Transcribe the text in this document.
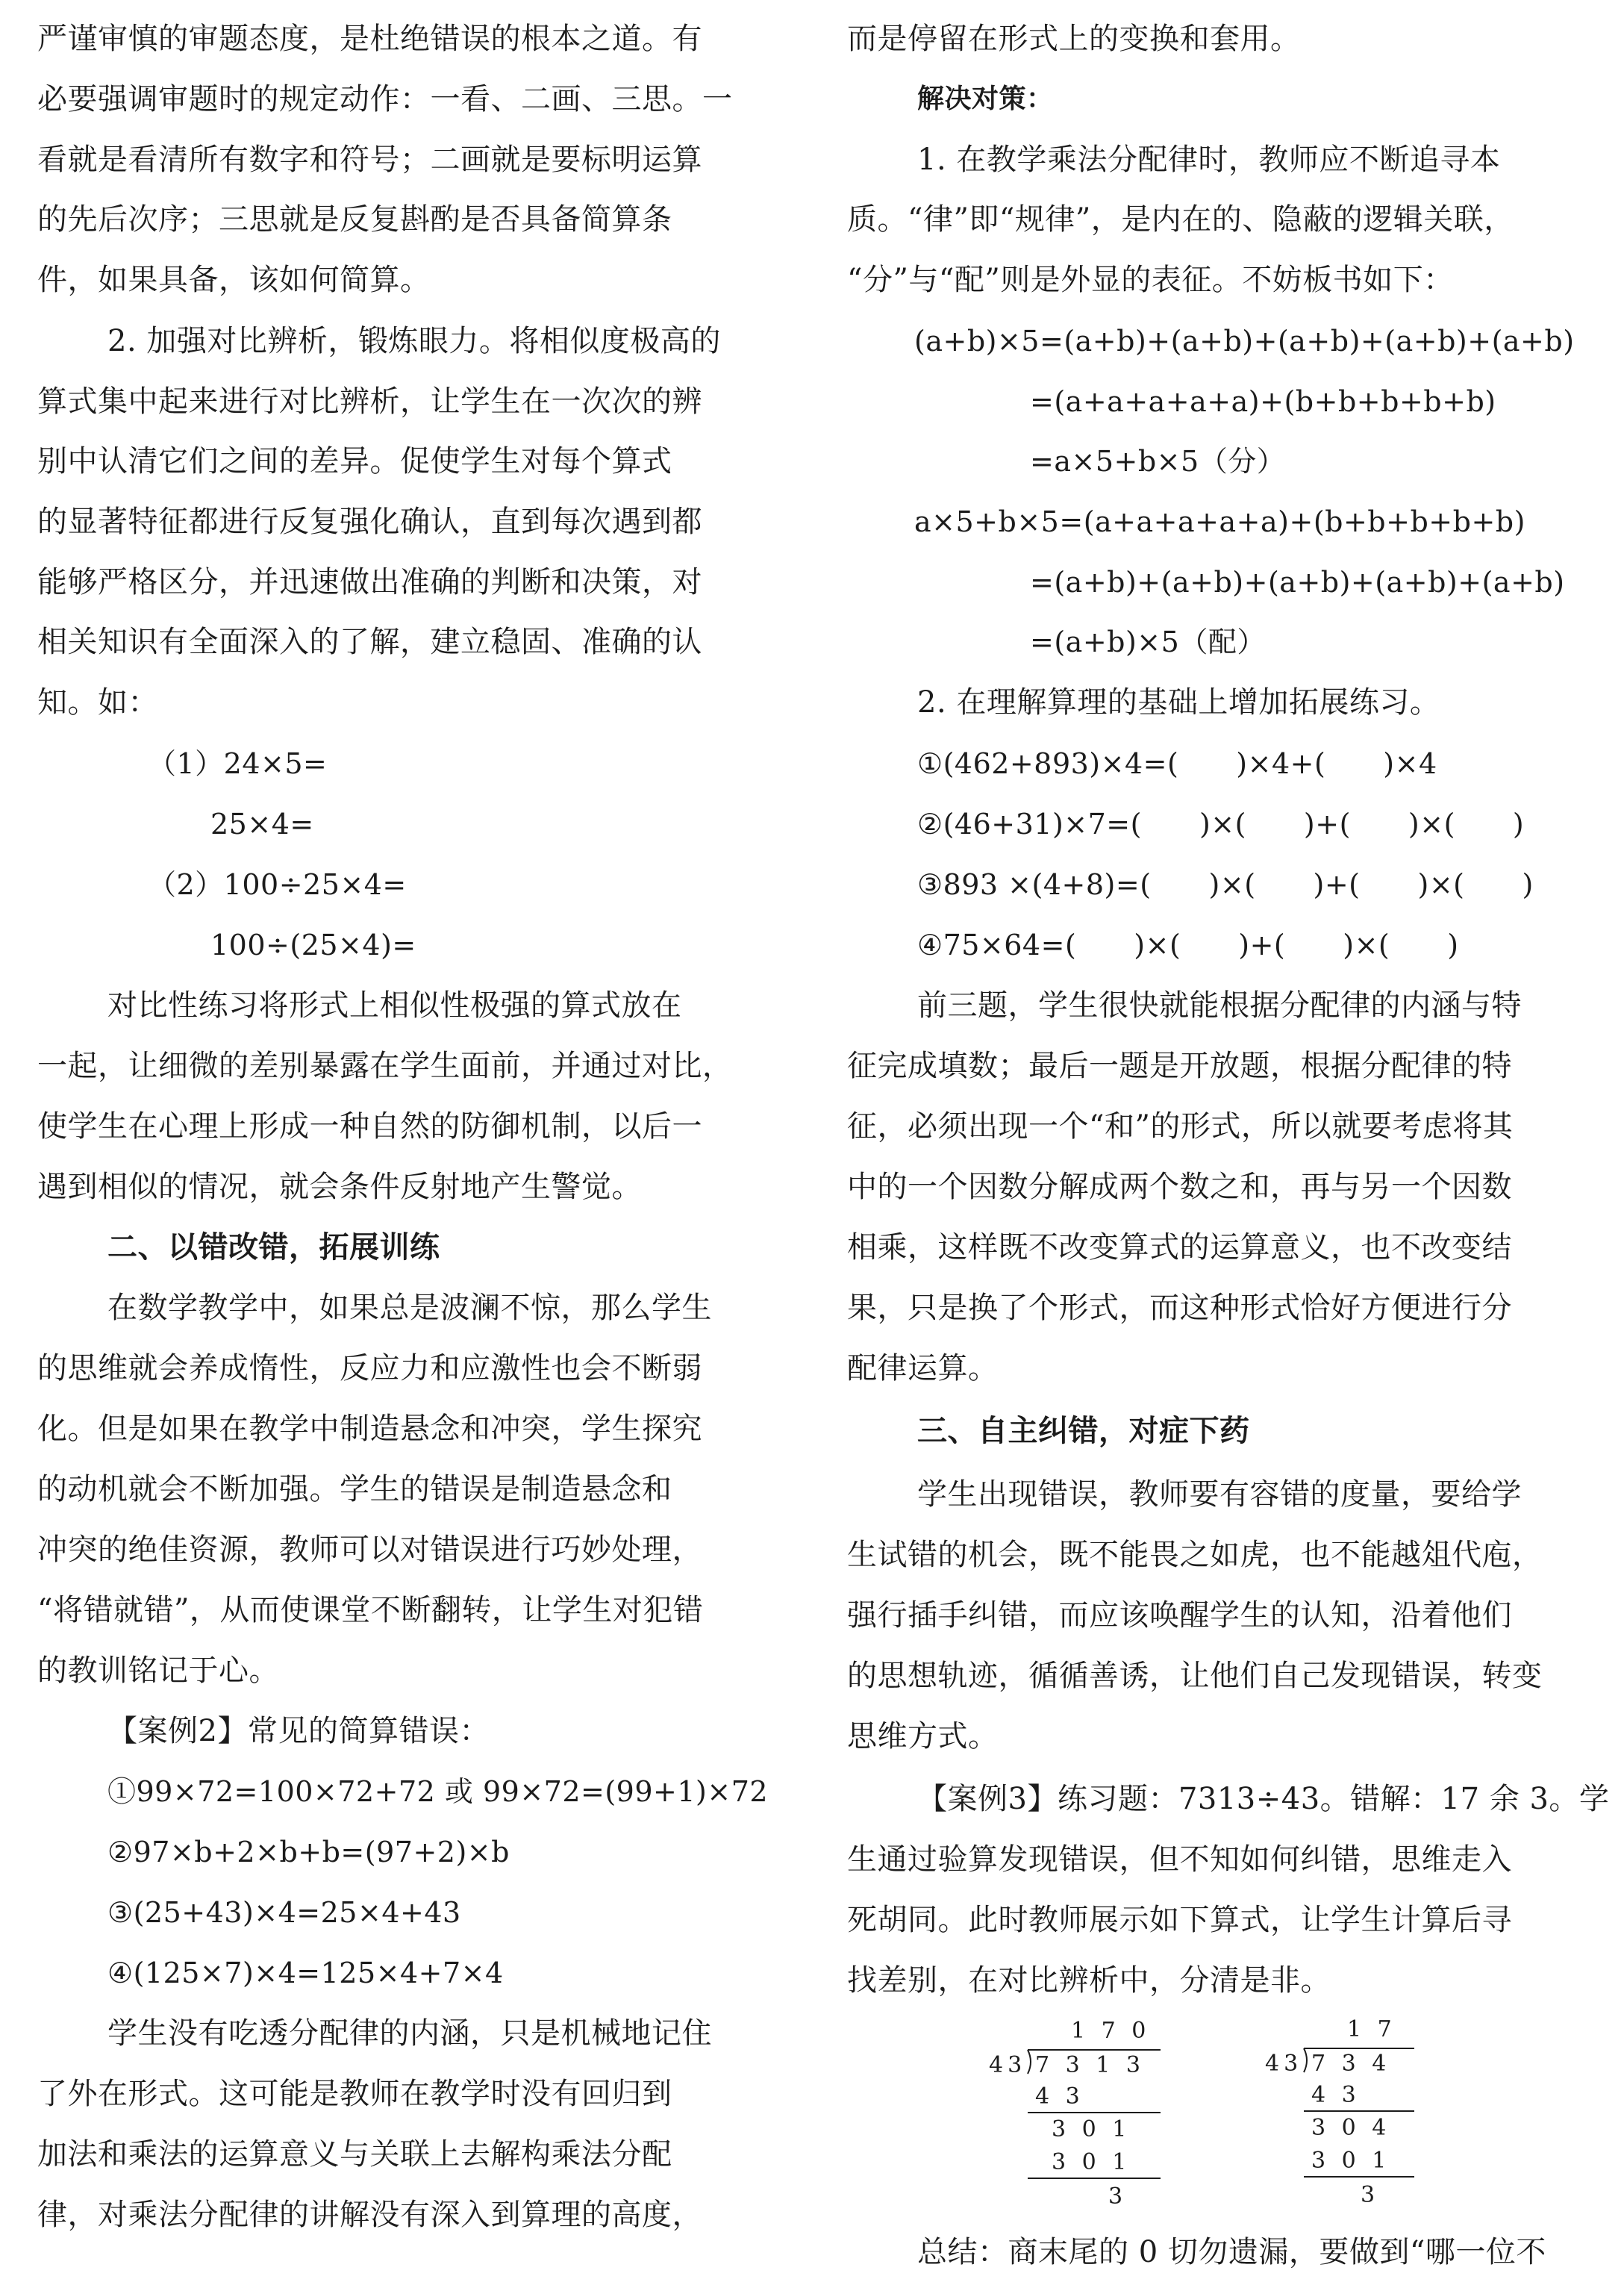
严谨审慎的审题态度，是杜绝错误的根本之道。有
必要强调审题时的规定动作：一看、二画、三思。一
看就是看清所有数字和符号；二画就是要标明运算
的先后次序；三思就是反复斟酌是否具备简算条
件，如果具备，该如何简算。
2. 加强对比辨析，锻炼眼力。将相似度极高的
算式集中起来进行对比辨析，让学生在一次次的辨
别中认清它们之间的差异。促使学生对每个算式
的显著特征都进行反复强化确认，直到每次遇到都
能够严格区分，并迅速做出准确的判断和决策，对
相关知识有全面深入的了解，建立稳固、准确的认
知。如：
（1）24×5=
25×4=
（2）100÷25×4=
100÷(25×4)=
对比性练习将形式上相似性极强的算式放在
一起，让细微的差别暴露在学生面前，并通过对比，
使学生在心理上形成一种自然的防御机制，以后一
遇到相似的情况，就会条件反射地产生警觉。
二、以错改错，拓展训练
在数学教学中，如果总是波澜不惊，那么学生
的思维就会养成惰性，反应力和应激性也会不断弱
化。但是如果在教学中制造悬念和冲突，学生探究
的动机就会不断加强。学生的错误是制造悬念和
冲突的绝佳资源，教师可以对错误进行巧妙处理，
“将错就错”，从而使课堂不断翻转，让学生对犯错
的教训铭记于心。
【案例2】常见的简算错误：
①99×72=100×72+72 或 99×72=(99+1)×72
②97×b+2×b+b=(97+2)×b
③(25+43)×4=25×4+43
④(125×7)×4=125×4+7×4
学生没有吃透分配律的内涵，只是机械地记住
了外在形式。这可能是教师在教学时没有回归到
加法和乘法的运算意义与关联上去解构乘法分配
律，对乘法分配律的讲解没有深入到算理的高度，
而是停留在形式上的变换和套用。
解决对策：
1. 在教学乘法分配律时，教师应不断追寻本
质。“律”即“规律”，是内在的、隐蔽的逻辑关联，
“分”与“配”则是外显的表征。不妨板书如下：
(a+b)×5=(a+b)+(a+b)+(a+b)+(a+b)+(a+b)
=(a+a+a+a+a)+(b+b+b+b+b)
=a×5+b×5（分）
a×5+b×5=(a+a+a+a+a)+(b+b+b+b+b)
=(a+b)+(a+b)+(a+b)+(a+b)+(a+b)
=(a+b)×5（配）
2. 在理解算理的基础上增加拓展练习。
①(462+893)×4=(　　)×4+(　　)×4
②(46+31)×7=(　　)×(　　)+(　　)×(　　)
③893 ×(4+8)=(　　)×(　　)+(　　)×(　　)
④75×64=(　　)×(　　)+(　　)×(　　)
前三题，学生很快就能根据分配律的内涵与特
征完成填数；最后一题是开放题，根据分配律的特
征，必须出现一个“和”的形式，所以就要考虑将其
中的一个因数分解成两个数之和，再与另一个因数
相乘，这样既不改变算式的运算意义，也不改变结
果，只是换了个形式，而这种形式恰好方便进行分
配律运算。
三、自主纠错，对症下药
学生出现错误，教师要有容错的度量，要给学
生试错的机会，既不能畏之如虎，也不能越俎代庖，
强行插手纠错，而应该唤醒学生的认知，沿着他们
的思想轨迹，循循善诱，让他们自己发现错误，转变
思维方式。
【案例3】练习题：7313÷43。错解：17 余 3。学
生通过验算发现错误，但不知如何纠错，思维走入
死胡同。此时教师展示如下算式，让学生计算后寻
找差别，在对比辨析中，分清是非。
1 7 0
43 7 3 1 3
4 3
3 0 1
3 0 1
3
1 7
43 7 3 4
4 3
3 0 4
3 0 1
3
总结：商末尾的 0 切勿遗漏，要做到“哪一位不
